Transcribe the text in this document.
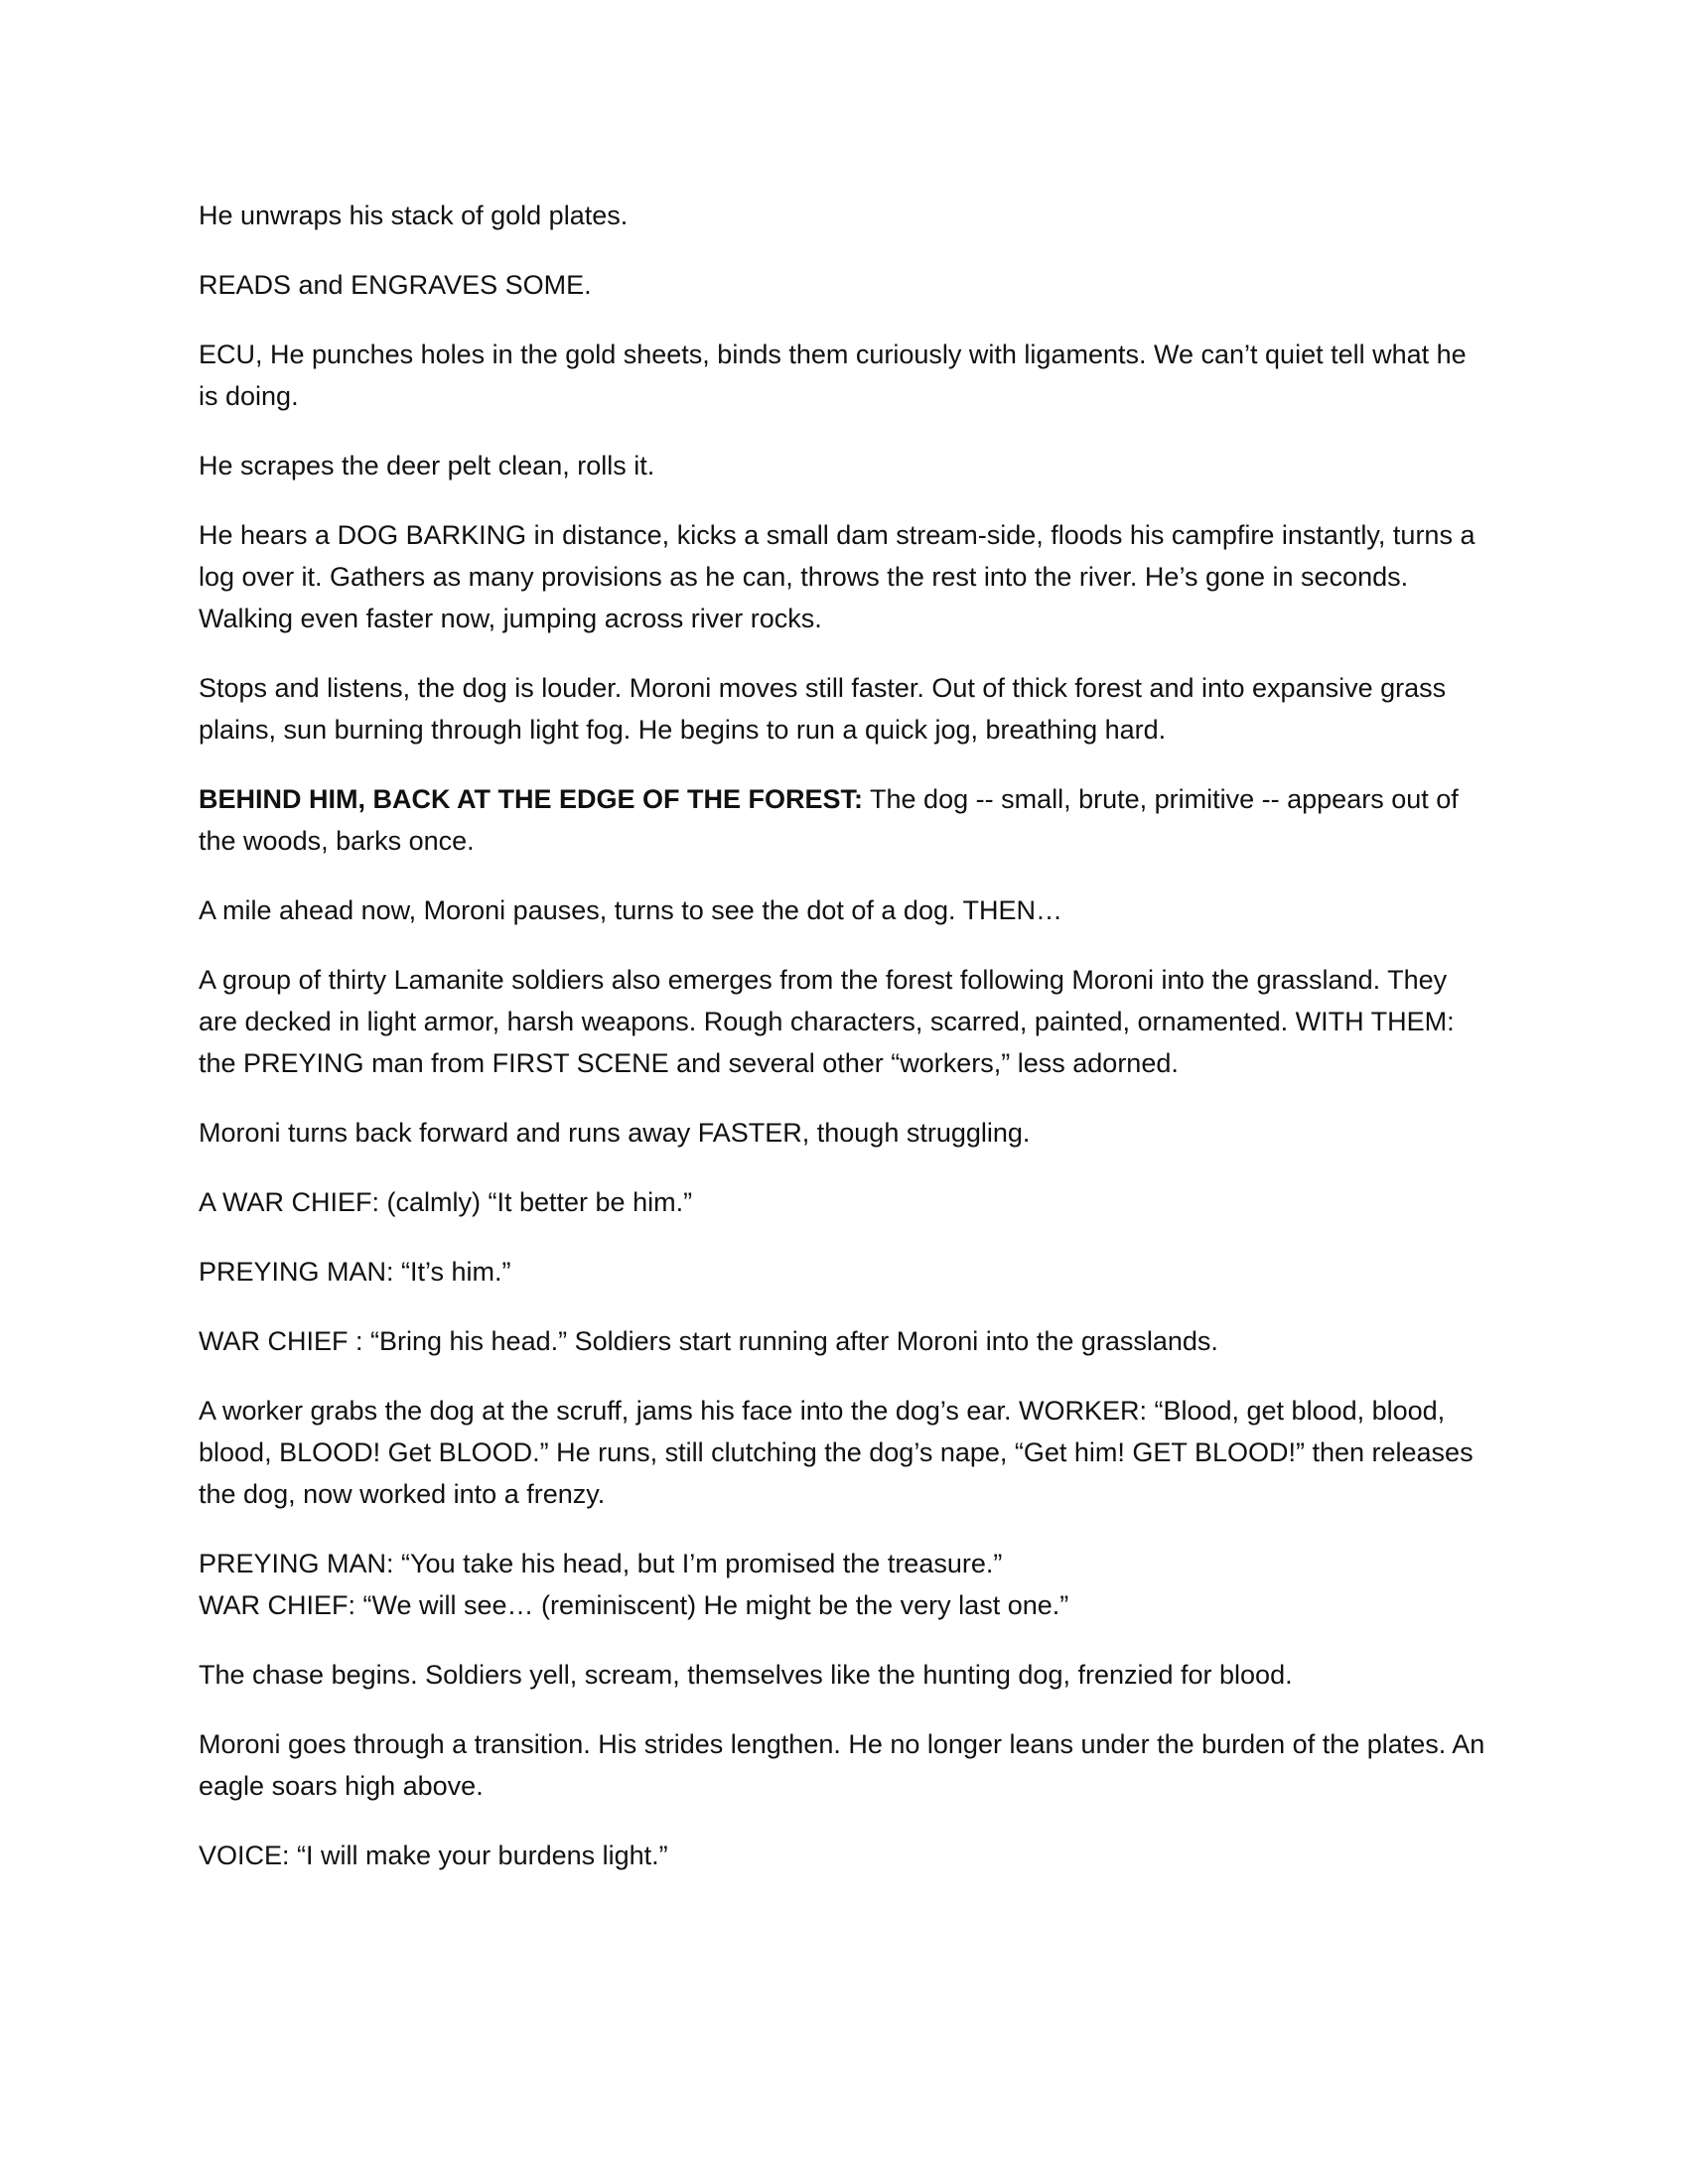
He unwraps his stack of gold plates.

READS and ENGRAVES SOME.

ECU, He punches holes in the gold sheets, binds them curiously with ligaments. We can’t quiet tell what he is doing.

He scrapes the deer pelt clean, rolls it.

He hears a DOG BARKING in distance, kicks a small dam stream-side, floods his campfire instantly, turns a log over it. Gathers as many provisions as he can, throws the rest into the river. He’s gone in seconds. Walking even faster now, jumping across river rocks.

Stops and listens, the dog is louder. Moroni moves still faster. Out of thick forest and into expansive grass plains, sun burning through light fog. He begins to run a quick jog, breathing hard.

BEHIND HIM, BACK AT THE EDGE OF THE FOREST: The dog -- small, brute, primitive -- appears out of the woods, barks once.

A mile ahead now, Moroni pauses, turns to see the dot of a dog. THEN…

A group of thirty Lamanite soldiers also emerges from the forest following Moroni into the grassland. They are decked in light armor, harsh weapons. Rough characters, scarred, painted, ornamented. WITH THEM: the PREYING man from FIRST SCENE and several other “workers,” less adorned.

Moroni turns back forward and runs away FASTER, though struggling.

A WAR CHIEF: (calmly) “It better be him.”

PREYING MAN: “It’s him.”

WAR CHIEF : “Bring his head.” Soldiers start running after Moroni into the grasslands.

A worker grabs the dog at the scruff, jams his face into the dog’s ear. WORKER: “Blood, get blood, blood, blood, BLOOD! Get BLOOD.” He runs, still clutching the dog’s nape, “Get him! GET BLOOD!” then releases the dog, now worked into a frenzy.

PREYING MAN: “You take his head, but I’m promised the treasure.”

WAR CHIEF: “We will see… (reminiscent) He might be the very last one.”

The chase begins. Soldiers yell, scream, themselves like the hunting dog, frenzied for blood.

Moroni goes through a transition. His strides lengthen. He no longer leans under the burden of the plates. An eagle soars high above.

VOICE: “I will make your burdens light.”
